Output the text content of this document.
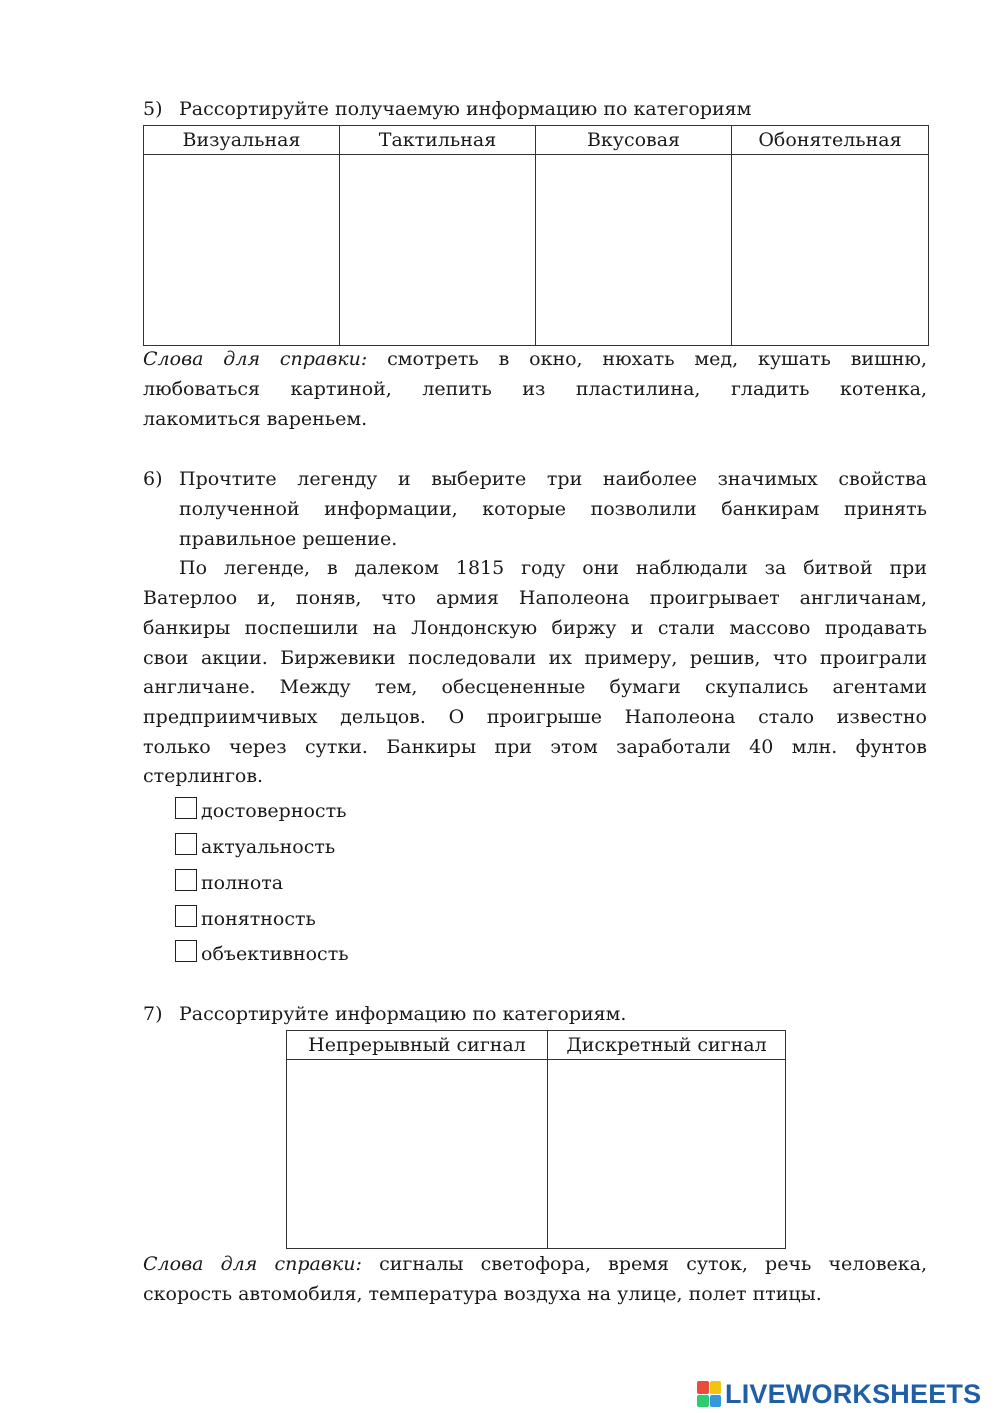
5) Рассортируйте получаемую информацию по категориям
Визуальная	Тактильная	Вкусовая	Обонятельная

Слова для справки: смотреть в окно, нюхать мед, кушать вишню,
любоваться картиной, лепить из пластилина, гладить котенка,
лакомиться вареньем.
6) Прочтите легенду и выберите три наиболее значимых свойства
полученной информации, которые позволили банкирам принять
правильное решение.
По легенде, в далеком 1815 году они наблюдали за битвой при
Ватерлоо и, поняв, что армия Наполеона проигрывает англичанам,
банкиры поспешили на Лондонскую биржу и стали массово продавать
свои акции. Биржевики последовали их примеру, решив, что проиграли
англичане. Между тем, обесцененные бумаги скупались агентами
предприимчивых дельцов. О проигрыше Наполеона стало известно
только через сутки. Банкиры при этом заработали 40 млн. фунтов
стерлингов.
достоверность
актуальность
полнота
понятность
объективность
7) Рассортируйте информацию по категориям.
Непрерывный сигнал	Дискретный сигнал

Слова для справки: сигналы светофора, время суток, речь человека,
скорость автомобиля, температура воздуха на улице, полет птицы.
LIVEWORKSHEETS
